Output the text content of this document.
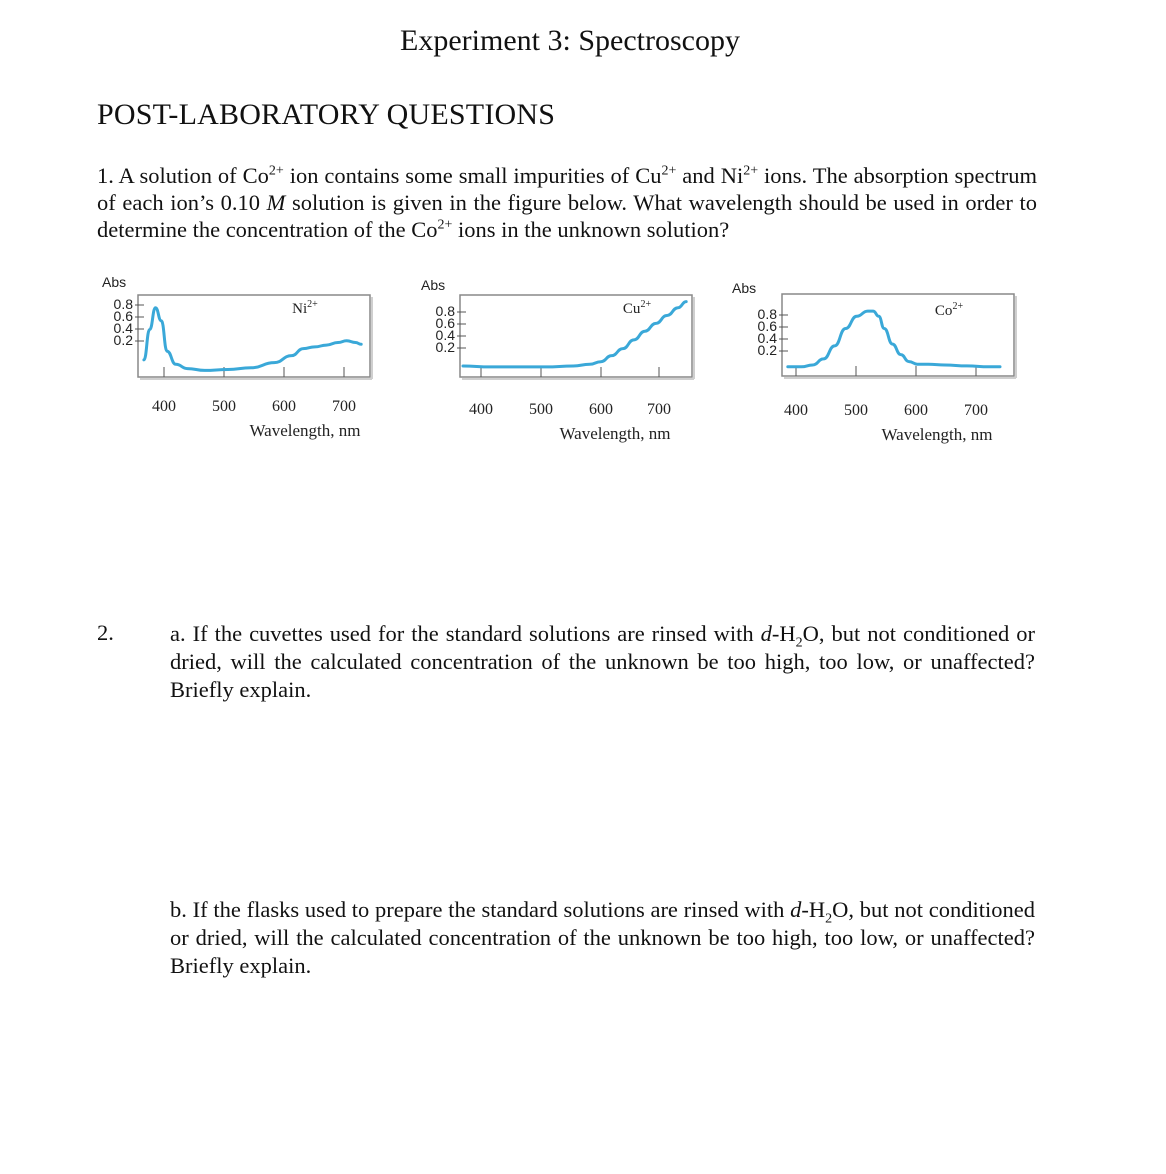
Experiment 3: Spectroscopy
POST-LABORATORY QUESTIONS
1. A solution of $Co^{2+}$ ion contains some small impurities of $Cu^{2+}$ and $Ni^{2+}$ ions. The absorption spectrum of each ion’s 0.10 M solution is given in the figure below. What wavelength should be used in order to determine the concentration of the $Co^{2+}$ ions in the unknown solution?
Abs
0.8
0.6
0.4
0.2
400 500 600 700
Wavelength, nm
$Ni^{2+}$
Abs
0.8
0.6
0.4
0.2
400 500 600 700
Wavelength, nm
$Cu^{2+}$
Abs
0.8
0.6
0.4
0.2
400 500 600 700
Wavelength, nm
$Co^{2+}$
2. a. If the cuvettes used for the standard solutions are rinsed with $d-H_2O$, but not conditioned or dried, will the calculated concentration of the unknown be too high, too low, or unaffected? Briefly explain.
b. If the flasks used to prepare the standard solutions are rinsed with $d-H_2O$, but not conditioned or dried, will the calculated concentration of the unknown be too high, too low, or unaffected? Briefly explain.
